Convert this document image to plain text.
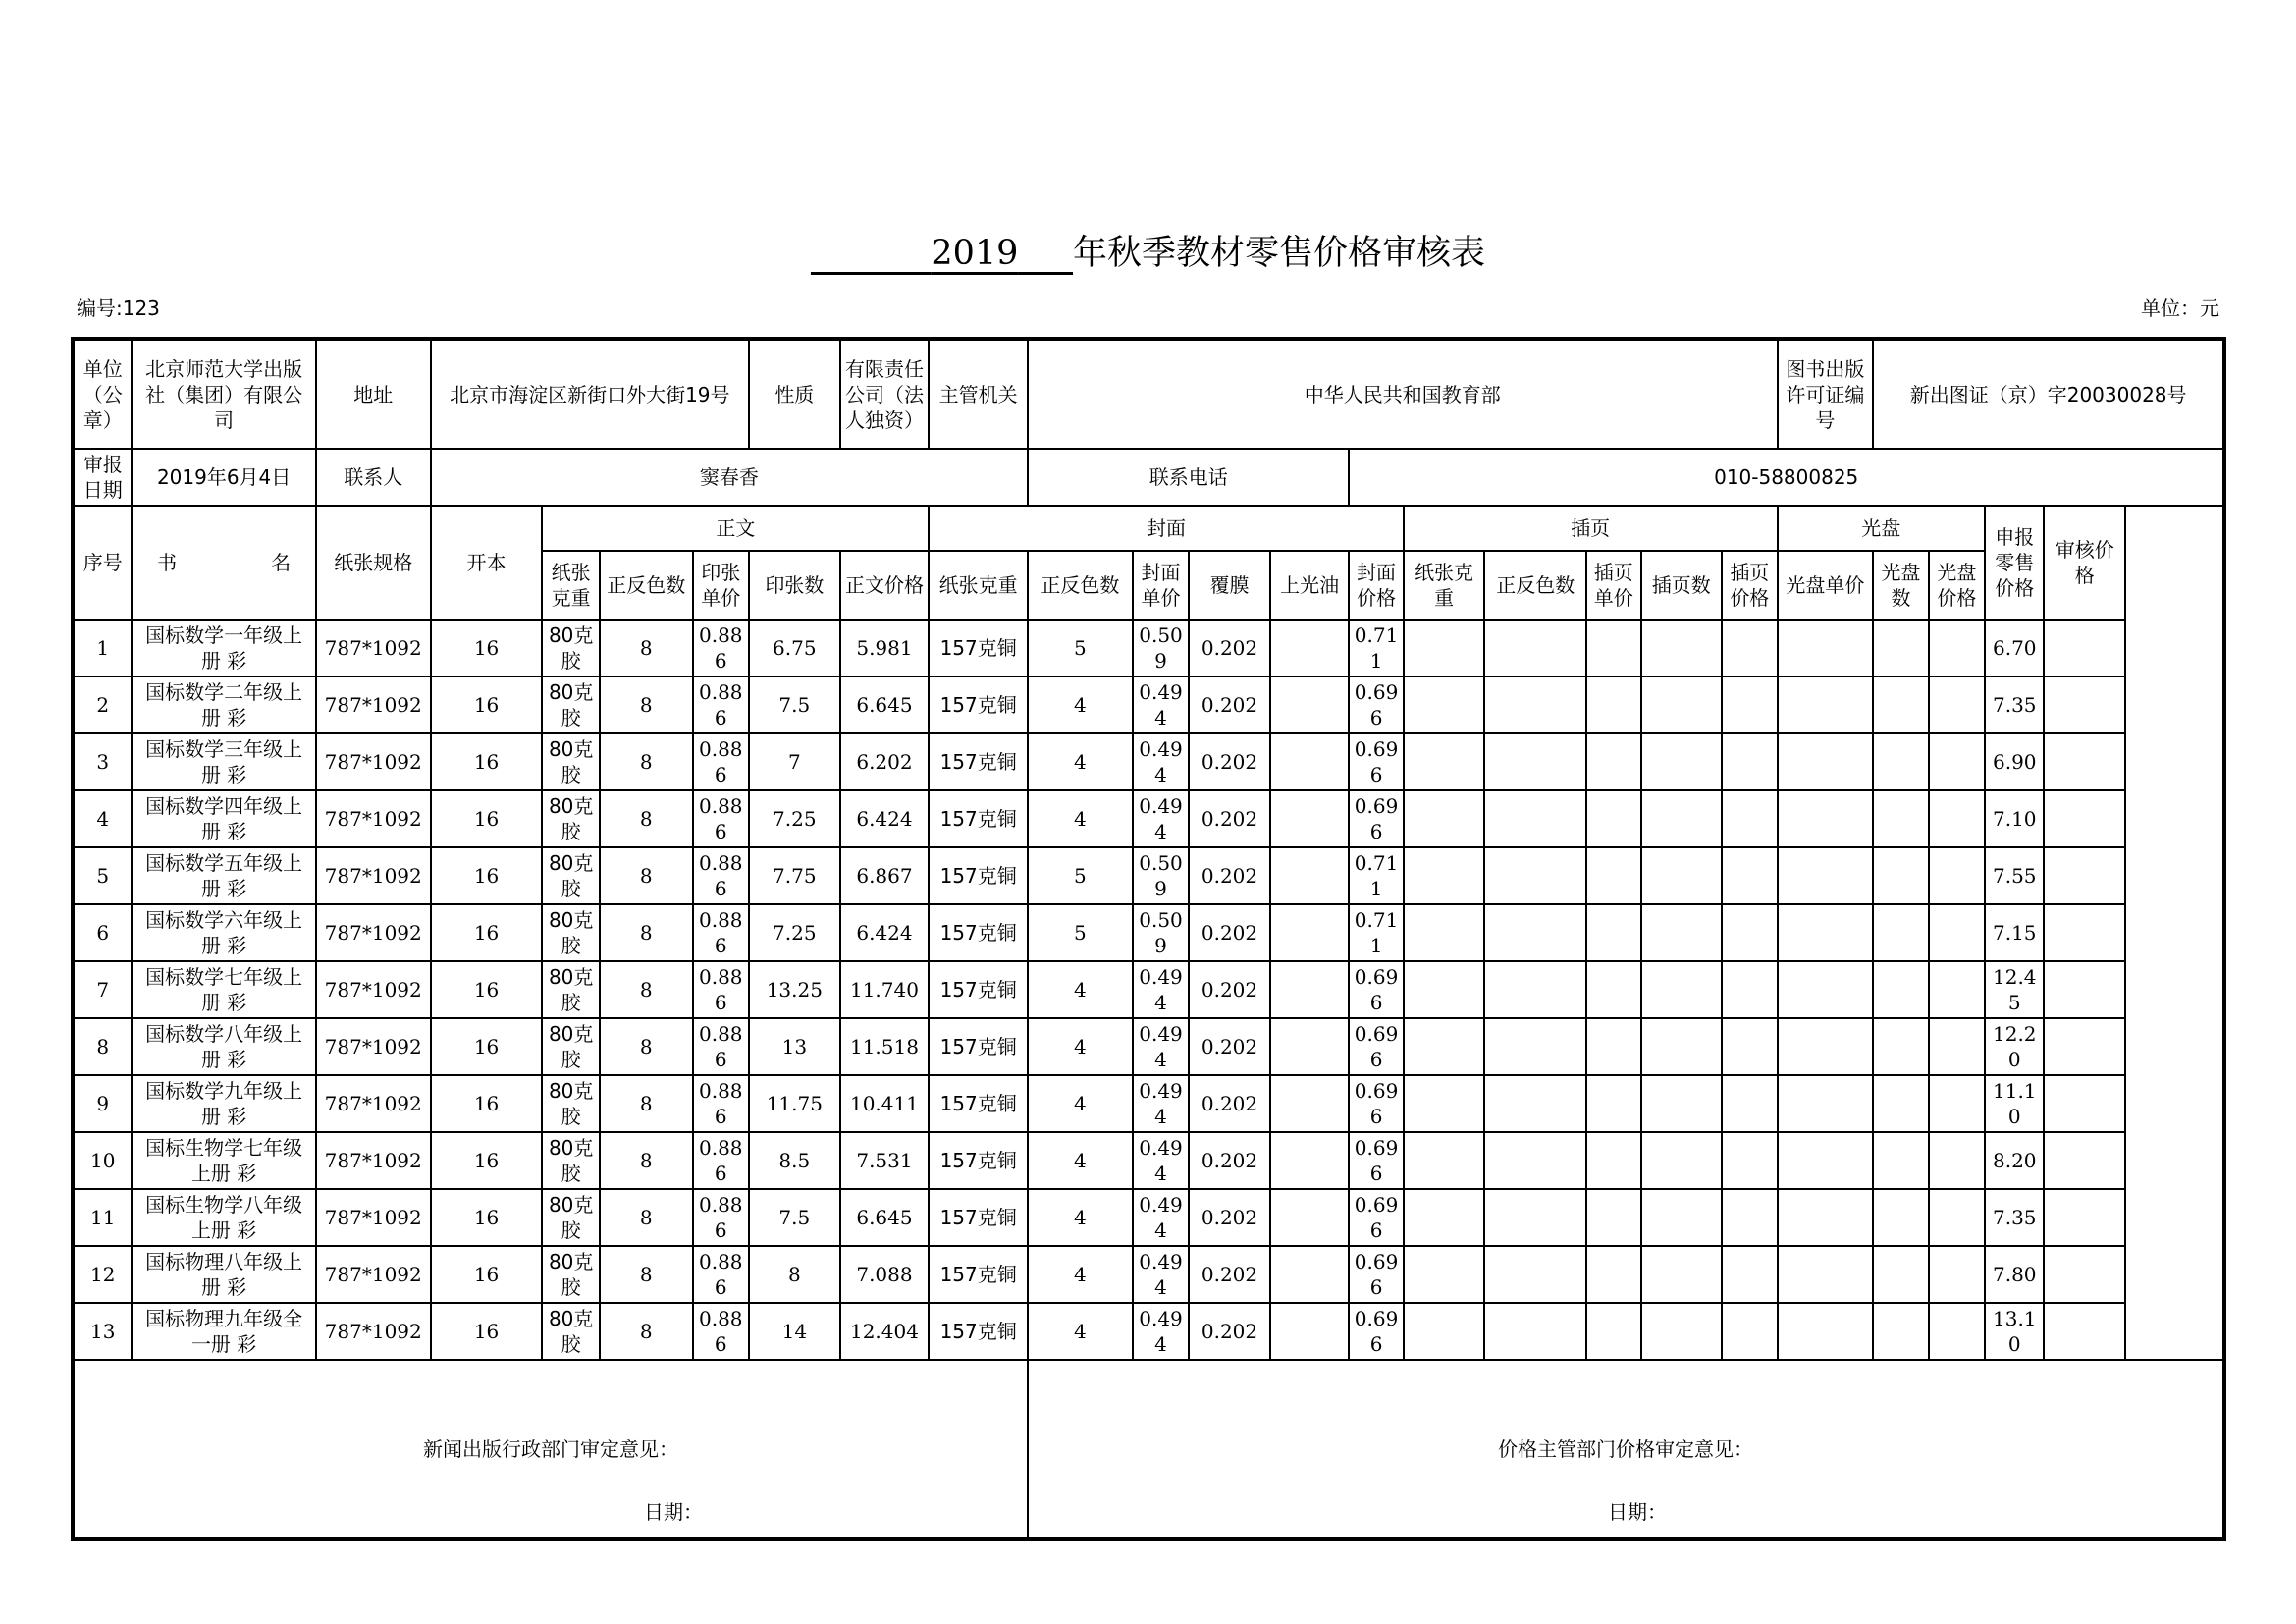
2019 年秋季教材零售价格审核表
编号:123	单位：元
单位（公章）	北京师范大学出版社（集团）有限公司	地址	北京市海淀区新街口外大街19号				性质	有限责任公司（法人独资）	主管机关	中华人民共和国教育部										图书出版许可证编号	新出图证（京）字20030028号			
审报日期	2019年6月4日	联系人	窦春香							联系电话				010-58800825										
序号	书 名	纸张规格	开本	正文					封面						插页					光盘			申报零售价格	审核价格
				纸张克重	正反色数	印张单价	印张数	正文价格	纸张克重	正反色数	封面单价	覆膜	上光油	封面价格	纸张克重	正反色数	插页单价	插页数	插页价格	光盘单价	光盘数	光盘价格		
1	国标数学一年级上册 彩	787*1092	16	80克胶	8	0.886	6.75	5.981	157克铜	5	0.509	0.202		0.711									6.70	
2	国标数学二年级上册 彩	787*1092	16	80克胶	8	0.886	7.5	6.645	157克铜	4	0.494	0.202		0.696									7.35	
3	国标数学三年级上册 彩	787*1092	16	80克胶	8	0.886	7	6.202	157克铜	4	0.494	0.202		0.696									6.90	
4	国标数学四年级上册 彩	787*1092	16	80克胶	8	0.886	7.25	6.424	157克铜	4	0.494	0.202		0.696									7.10	
5	国标数学五年级上册 彩	787*1092	16	80克胶	8	0.886	7.75	6.867	157克铜	5	0.509	0.202		0.711									7.55	
6	国标数学六年级上册 彩	787*1092	16	80克胶	8	0.886	7.25	6.424	157克铜	5	0.509	0.202		0.711									7.15	
7	国标数学七年级上册 彩	787*1092	16	80克胶	8	0.886	13.25	11.740	157克铜	4	0.494	0.202		0.696									12.45	
8	国标数学八年级上册 彩	787*1092	16	80克胶	8	0.886	13	11.518	157克铜	4	0.494	0.202		0.696									12.20	
9	国标数学九年级上册 彩	787*1092	16	80克胶	8	0.886	11.75	10.411	157克铜	4	0.494	0.202		0.696									11.10	
10	国标生物学七年级上册 彩	787*1092	16	80克胶	8	0.886	8.5	7.531	157克铜	4	0.494	0.202		0.696									8.20	
11	国标生物学八年级上册 彩	787*1092	16	80克胶	8	0.886	7.5	6.645	157克铜	4	0.494	0.202		0.696									7.35	
12	国标物理八年级上册 彩	787*1092	16	80克胶	8	0.886	8	7.088	157克铜	4	0.494	0.202		0.696									7.80	
13	国标物理九年级全一册 彩	787*1092	16	80克胶	8	0.886	14	12.404	157克铜	4	0.494	0.202		0.696									13.10	
新闻出版行政部门审定意见：
日期：										价格主管部门价格审定意见：
日期：														
